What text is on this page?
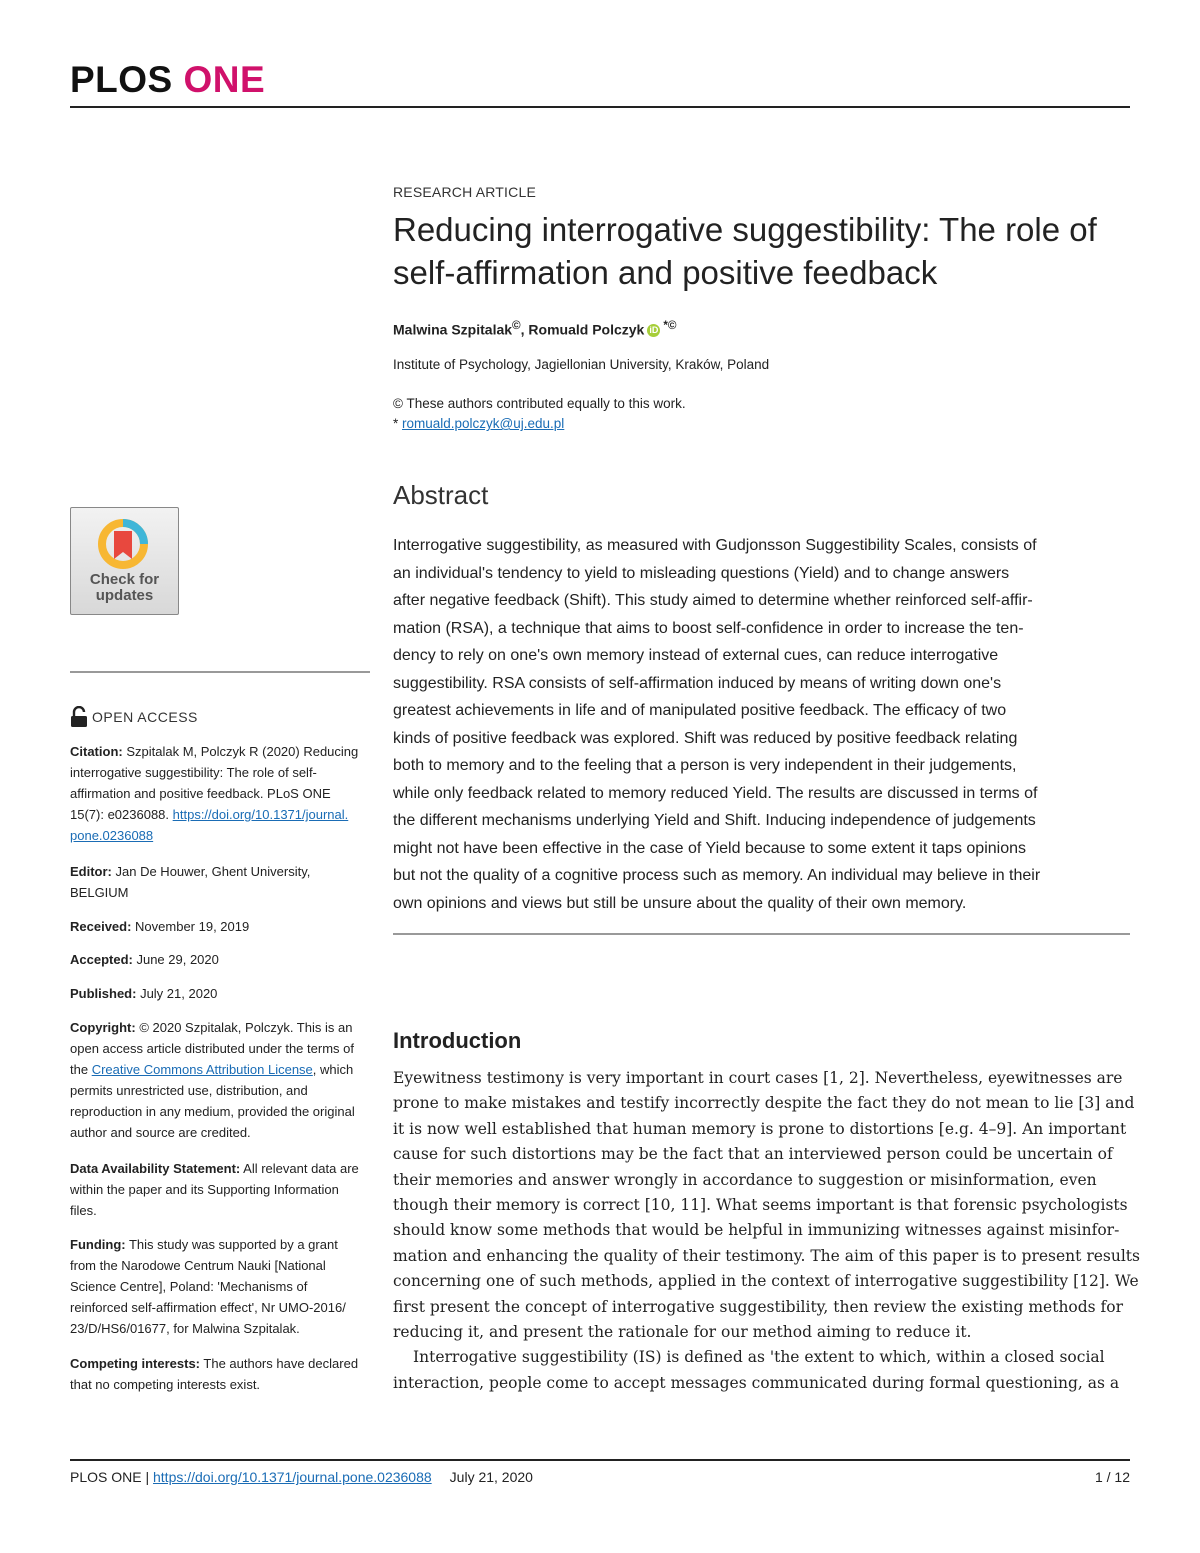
PLOS ONE
RESEARCH ARTICLE
Reducing interrogative suggestibility: The role of self-affirmation and positive feedback
Malwina Szpitalak©, Romuald Polczyk iD *©
Institute of Psychology, Jagiellonian University, Kraków, Poland
© These authors contributed equally to this work.
* romuald.polczyk@uj.edu.pl
Abstract
Interrogative suggestibility, as measured with Gudjonsson Suggestibility Scales, consists of
an individual's tendency to yield to misleading questions (Yield) and to change answers
after negative feedback (Shift). This study aimed to determine whether reinforced self-affir-
mation (RSA), a technique that aims to boost self-confidence in order to increase the ten-
dency to rely on one's own memory instead of external cues, can reduce interrogative
suggestibility. RSA consists of self-affirmation induced by means of writing down one's
greatest achievements in life and of manipulated positive feedback. The efficacy of two
kinds of positive feedback was explored. Shift was reduced by positive feedback relating
both to memory and to the feeling that a person is very independent in their judgements,
while only feedback related to memory reduced Yield. The results are discussed in terms of
the different mechanisms underlying Yield and Shift. Inducing independence of judgements
might not have been effective in the case of Yield because to some extent it taps opinions
but not the quality of a cognitive process such as memory. An individual may believe in their
own opinions and views but still be unsure about the quality of their own memory.
Introduction
Eyewitness testimony is very important in court cases [1, 2]. Nevertheless, eyewitnesses are
prone to make mistakes and testify incorrectly despite the fact they do not mean to lie [3] and
it is now well established that human memory is prone to distortions [e.g. 4–9]. An important
cause for such distortions may be the fact that an interviewed person could be uncertain of
their memories and answer wrongly in accordance to suggestion or misinformation, even
though their memory is correct [10, 11]. What seems important is that forensic psychologists
should know some methods that would be helpful in immunizing witnesses against misinfor-
mation and enhancing the quality of their testimony. The aim of this paper is to present results
concerning one of such methods, applied in the context of interrogative suggestibility [12]. We
first present the concept of interrogative suggestibility, then review the existing methods for
reducing it, and present the rationale for our method aiming to reduce it.
Interrogative suggestibility (IS) is defined as 'the extent to which, within a closed social
interaction, people come to accept messages communicated during formal questioning, as a
Check for
updates
OPEN ACCESS
Citation: Szpitalak M, Polczyk R (2020) Reducing
interrogative suggestibility: The role of self-
affirmation and positive feedback. PLoS ONE
15(7): e0236088. https://doi.org/10.1371/journal.
pone.0236088
Editor: Jan De Houwer, Ghent University,
BELGIUM
Received: November 19, 2019
Accepted: June 29, 2020
Published: July 21, 2020
Copyright: © 2020 Szpitalak, Polczyk. This is an
open access article distributed under the terms of
the Creative Commons Attribution License, which
permits unrestricted use, distribution, and
reproduction in any medium, provided the original
author and source are credited.
Data Availability Statement: All relevant data are
within the paper and its Supporting Information
files.
Funding: This study was supported by a grant
from the Narodowe Centrum Nauki [National
Science Centre], Poland: 'Mechanisms of
reinforced self-affirmation effect', Nr UMO-2016/
23/D/HS6/01677, for Malwina Szpitalak.
Competing interests: The authors have declared
that no competing interests exist.
PLOS ONE | https://doi.org/10.1371/journal.pone.0236088 July 21, 2020	1 / 12
